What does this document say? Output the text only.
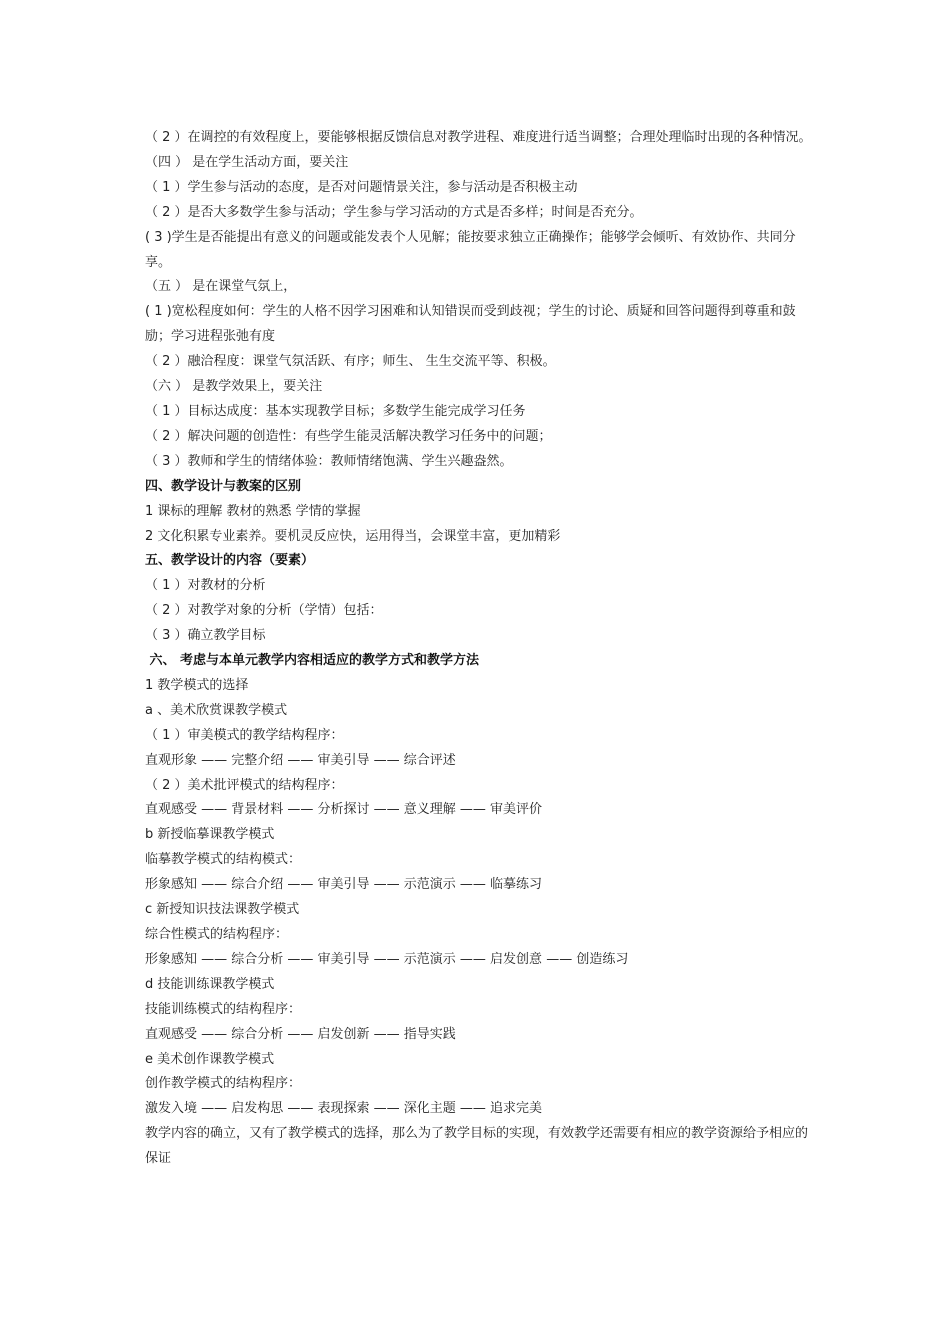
（ 2 ）在调控的有效程度上，要能够根据反馈信息对教学进程、难度进行适当调整；合理处理临时出现的各种情况。

（四 ） 是在学生活动方面，要关注

（ 1 ）学生参与活动的态度，是否对问题情景关注，参与活动是否积极主动

（ 2 ）是否大多数学生参与活动；学生参与学习活动的方式是否多样；时间是否充分。

( 3 )学生是否能提出有意义的问题或能发表个人见解；能按要求独立正确操作；能够学会倾听、有效协作、共同分享。

（五 ） 是在课堂气氛上，

( 1 )宽松程度如何：学生的人格不因学习困难和认知错误而受到歧视；学生的讨论、质疑和回答问题得到尊重和鼓励；学习进程张弛有度

（ 2 ）融洽程度：课堂气氛活跃、有序；师生、 生生交流平等、积极。

（六 ） 是教学效果上，要关注

（ 1 ）目标达成度：基本实现教学目标；多数学生能完成学习任务

（ 2 ）解决问题的创造性：有些学生能灵活解决教学习任务中的问题；

（ 3 ）教师和学生的情绪体验：教师情绪饱满、学生兴趣盎然。

四、教学设计与教案的区别

1 课标的理解 教材的熟悉 学情的掌握

2 文化积累专业素养。要机灵反应快，运用得当，会课堂丰富，更加精彩

五、教学设计的内容（要素）

（ 1 ）对教材的分析

（ 2 ）对教学对象的分析（学情）包括：

（ 3 ）确立教学目标

六、 考虑与本单元教学内容相适应的教学方式和教学方法

1 教学模式的选择

a 、美术欣赏课教学模式

（ 1 ）审美模式的教学结构程序：

直观形象 —— 完整介绍 —— 审美引导 —— 综合评述

（ 2 ）美术批评模式的结构程序：

直观感受 —— 背景材料 —— 分析探讨 —— 意义理解 —— 审美评价

b 新授临摹课教学模式

临摹教学模式的结构模式：

形象感知 —— 综合介绍 —— 审美引导 —— 示范演示 —— 临摹练习

c 新授知识技法课教学模式

综合性模式的结构程序：

形象感知 —— 综合分析 —— 审美引导 —— 示范演示 —— 启发创意 —— 创造练习

d 技能训练课教学模式

技能训练模式的结构程序：

直观感受 —— 综合分析 —— 启发创新 —— 指导实践

e 美术创作课教学模式

创作教学模式的结构程序：

激发入境 —— 启发构思 —— 表现探索 —— 深化主题 —— 追求完美

教学内容的确立，又有了教学模式的选择，那么为了教学目标的实现，有效教学还需要有相应的教学资源给予相应的保证
